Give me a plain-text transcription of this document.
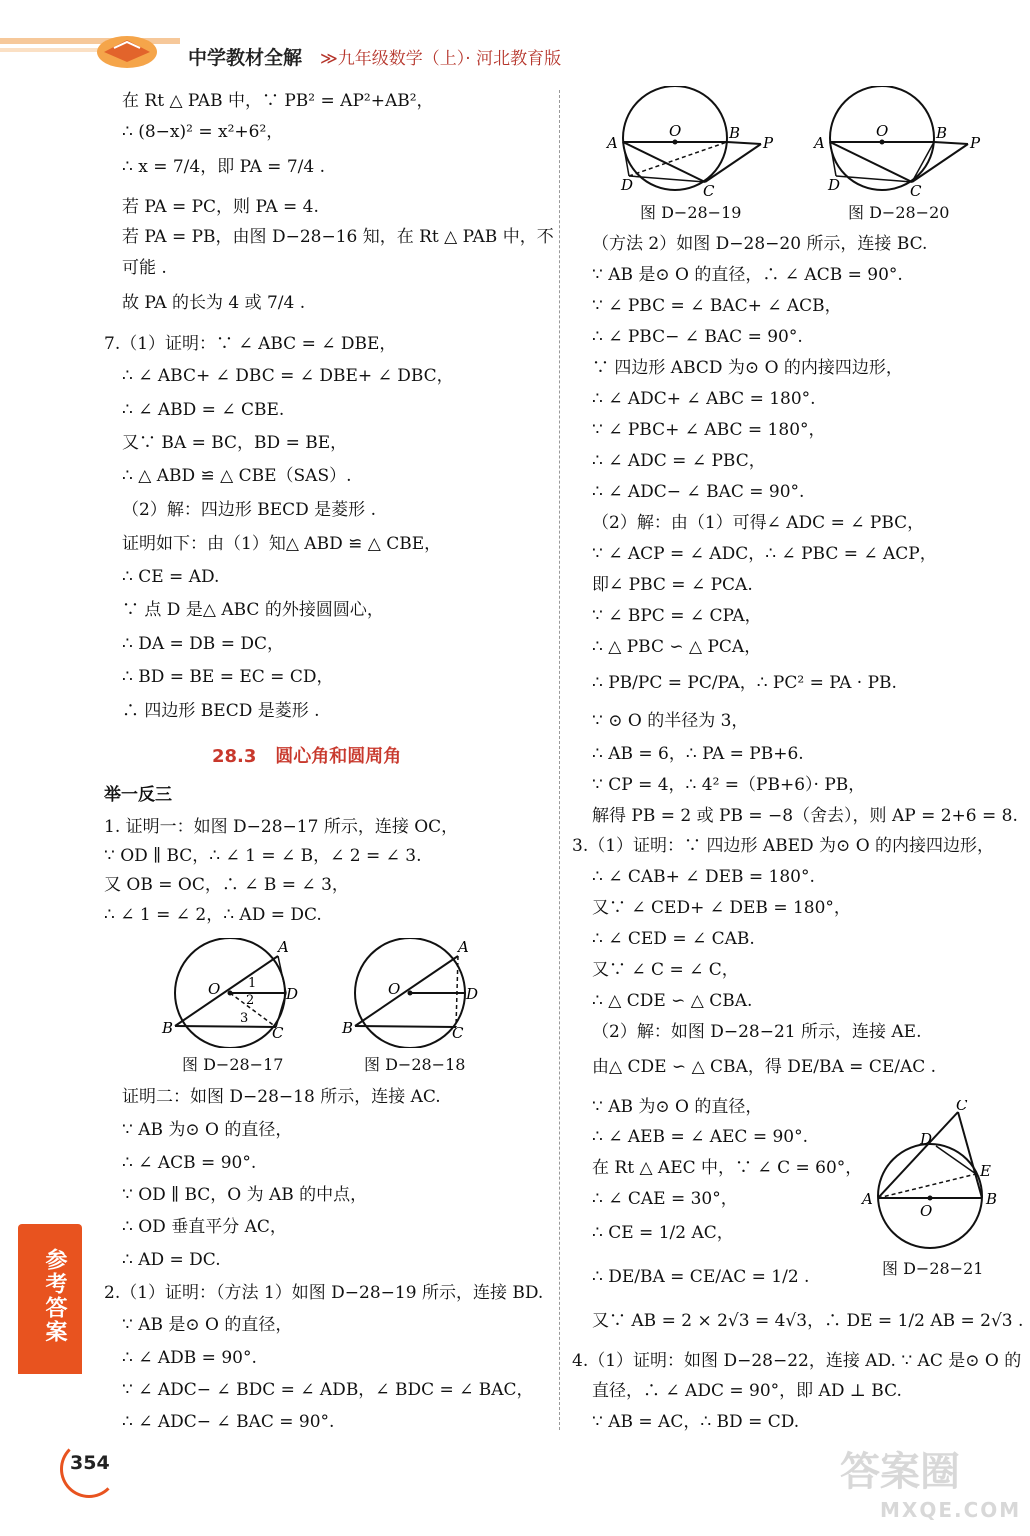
中学教材全解 ≫九年级数学（上）· 河北教育版
在 Rt △ PAB 中，∵ PB² = AP²+AB²，
∴ (8−x)² = x²+6²，
∴ x = 7/4，即 PA = 7/4 .
若 PA = PC，则 PA = 4.
若 PA = PB，由图 D−28−16 知，在 Rt △ PAB 中，不
可能 .
故 PA 的长为 4 或 7/4 .
7.（1）证明：∵ ∠ ABC = ∠ DBE，
∴ ∠ ABC+ ∠ DBC = ∠ DBE+ ∠ DBC，
∴ ∠ ABD = ∠ CBE.
又∵ BA = BC，BD = BE，
∴ △ ABD ≌ △ CBE（SAS）.
（2）解：四边形 BECD 是菱形 .
证明如下：由（1）知△ ABD ≌ △ CBE，
∴ CE = AD.
∵ 点 D 是△ ABC 的外接圆圆心，
∴ DA = DB = DC，
∴ BD = BE = EC = CD，
∴ 四边形 BECD 是菱形 .
28.3 圆心角和圆周角
举一反三
1. 证明一：如图 D−28−17 所示，连接 OC，
∵ OD ∥ BC，∴ ∠ 1 = ∠ B，∠ 2 = ∠ 3.
又 OB = OC，∴ ∠ B = ∠ 3，
∴ ∠ 1 = ∠ 2，∴ AD = DC.
B
A
D
C
O 1
2
3
图 D−28−17
B
A
D
C
O
图 D−28−18
证明二：如图 D−28−18 所示，连接 AC.
∵ AB 为⊙ O 的直径，
∴ ∠ ACB = 90°.
∵ OD ∥ BC，O 为 AB 的中点，
∴ OD 垂直平分 AC，
∴ AD = DC.
2.（1）证明：（方法 1）如图 D−28−19 所示，连接 BD.
∵ AB 是⊙ O 的直径，
∴ ∠ ADB = 90°.
∵ ∠ ADC− ∠ BDC = ∠ ADB，∠ BDC = ∠ BAC，
∴ ∠ ADC− ∠ BAC = 90°.
A
O	B
P
D	C
图 D−28−19
A
O	B
P
D	C
图 D−28−20
（方法 2）如图 D−28−20 所示，连接 BC.
∵ AB 是⊙ O 的直径，∴ ∠ ACB = 90°.
∵ ∠ PBC = ∠ BAC+ ∠ ACB，
∴ ∠ PBC− ∠ BAC = 90°.
∵ 四边形 ABCD 为⊙ O 的内接四边形，
∴ ∠ ADC+ ∠ ABC = 180°.
∵ ∠ PBC+ ∠ ABC = 180°，
∴ ∠ ADC = ∠ PBC，
∴ ∠ ADC− ∠ BAC = 90°.
（2）解：由（1）可得∠ ADC = ∠ PBC，
∵ ∠ ACP = ∠ ADC，∴ ∠ PBC = ∠ ACP，
即∠ PBC = ∠ PCA.
∵ ∠ BPC = ∠ CPA，
∴ △ PBC ∽ △ PCA，
∴ PB/PC = PC/PA，∴ PC² = PA · PB.
∵ ⊙ O 的半径为 3，
∴ AB = 6，∴ PA = PB+6.
∵ CP = 4，∴ 4² =（PB+6）· PB，
解得 PB = 2 或 PB = −8（舍去），则 AP = 2+6 = 8.
3.（1）证明：∵ 四边形 ABED 为⊙ O 的内接四边形，
∴ ∠ CAB+ ∠ DEB = 180°.
又∵ ∠ CED+ ∠ DEB = 180°，
∴ ∠ CED = ∠ CAB.
又∵ ∠ C = ∠ C，
∴ △ CDE ∽ △ CBA.
（2）解：如图 D−28−21 所示，连接 AE.
由△ CDE ∽ △ CBA，得 DE/BA = CE/AC .
∵ AB 为⊙ O 的直径，
∴ ∠ AEB = ∠ AEC = 90°.
在 Rt △ AEC 中，∵ ∠ C = 60°，
∴ ∠ CAE = 30°，
∴ CE = 1/2 AC，
∴ DE/BA = CE/AC = 1/2 .
又∵ AB = 2 × 2√3 = 4√3，∴ DE = 1/2 AB = 2√3 .
4.（1）证明：如图 D−28−22，连接 AD. ∵ AC 是⊙ O 的
直径，∴ ∠ ADC = 90°，即 AD ⊥ BC.
∵ AB = AC，∴ BD = CD.
A	B
C
D
E
O
图 D−28−21
参考答案
354	答案圈
MXQE.COM
